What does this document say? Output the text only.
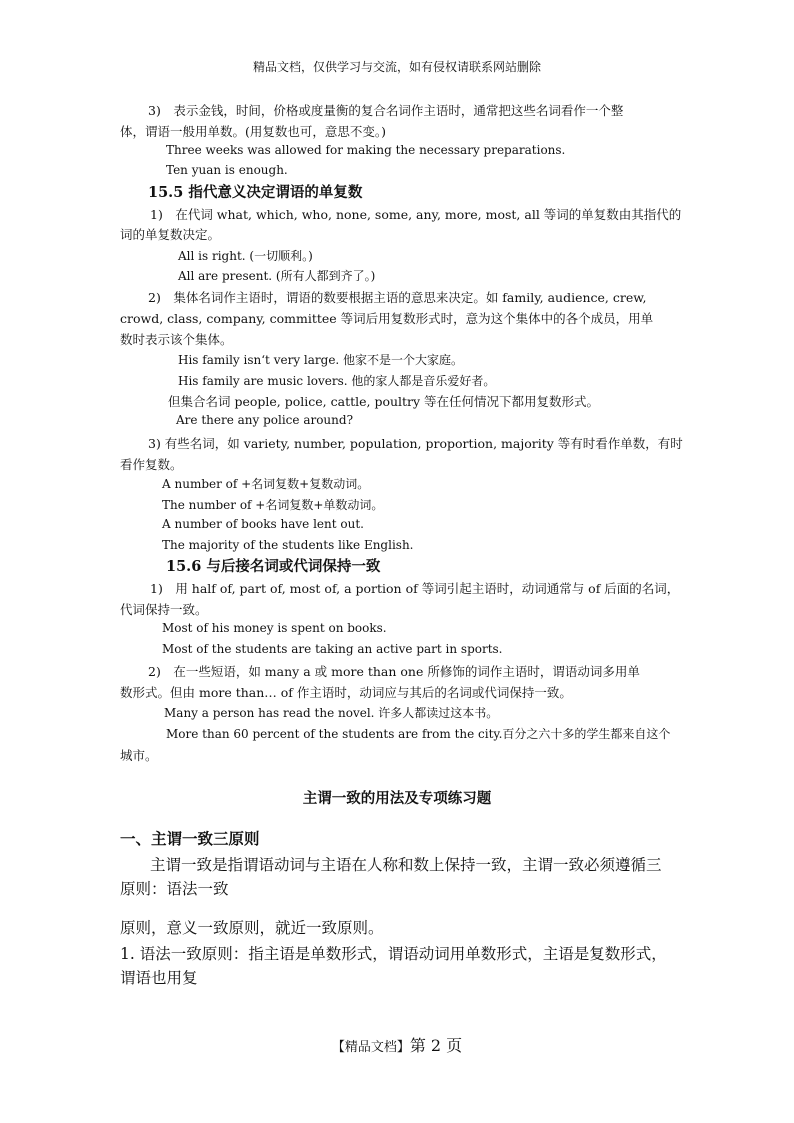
精品文档，仅供学习与交流，如有侵权请联系网站删除
3)　表示金钱，时间，价格或度量衡的复合名词作主语时，通常把这些名词看作一个整
体，谓语一般用单数。(用复数也可，意思不变。)
Three weeks was allowed for making the necessary preparations.
Ten yuan is enough.
15.5 指代意义决定谓语的单复数
1)　在代词 what, which, who, none, some, any, more, most, all 等词的单复数由其指代的
词的单复数决定。
All is right. (一切顺利。)
All are present. (所有人都到齐了。)
2)　集体名词作主语时，谓语的数要根据主语的意思来决定。如 family, audience, crew,
crowd, class, company, committee 等词后用复数形式时，意为这个集体中的各个成员，用单
数时表示该个集体。
His family isn‘t very large. 他家不是一个大家庭。
His family are music lovers. 他的家人都是音乐爱好者。
但集合名词 people, police, cattle, poultry 等在任何情况下都用复数形式。
Are there any police around?
3) 有些名词，如 variety, number, population, proportion, majority 等有时看作单数，有时
看作复数。
A number of +名词复数+复数动词。
The number of +名词复数+单数动词。
A number of books have lent out.
The majority of the students like English.
15.6 与后接名词或代词保持一致
1)　用 half of, part of, most of, a portion of 等词引起主语时，动词通常与 of 后面的名词，
代词保持一致。
Most of his money is spent on books.
Most of the students are taking an active part in sports.
2)　在一些短语，如 many a 或 more than one 所修饰的词作主语时，谓语动词多用单
数形式。但由 more than… of 作主语时，动词应与其后的名词或代词保持一致。
Many a person has read the novel. 许多人都读过这本书。
More than 60 percent of the students are from the city.百分之六十多的学生都来自这个
城市。
主谓一致的用法及专项练习题
一、主谓一致三原则
主谓一致是指谓语动词与主语在人称和数上保持一致，主谓一致必须遵循三
原则：语法一致
原则，意义一致原则，就近一致原则。
1. 语法一致原则：指主语是单数形式，谓语动词用单数形式，主语是复数形式，
谓语也用复
【精品文档】第 2 页
